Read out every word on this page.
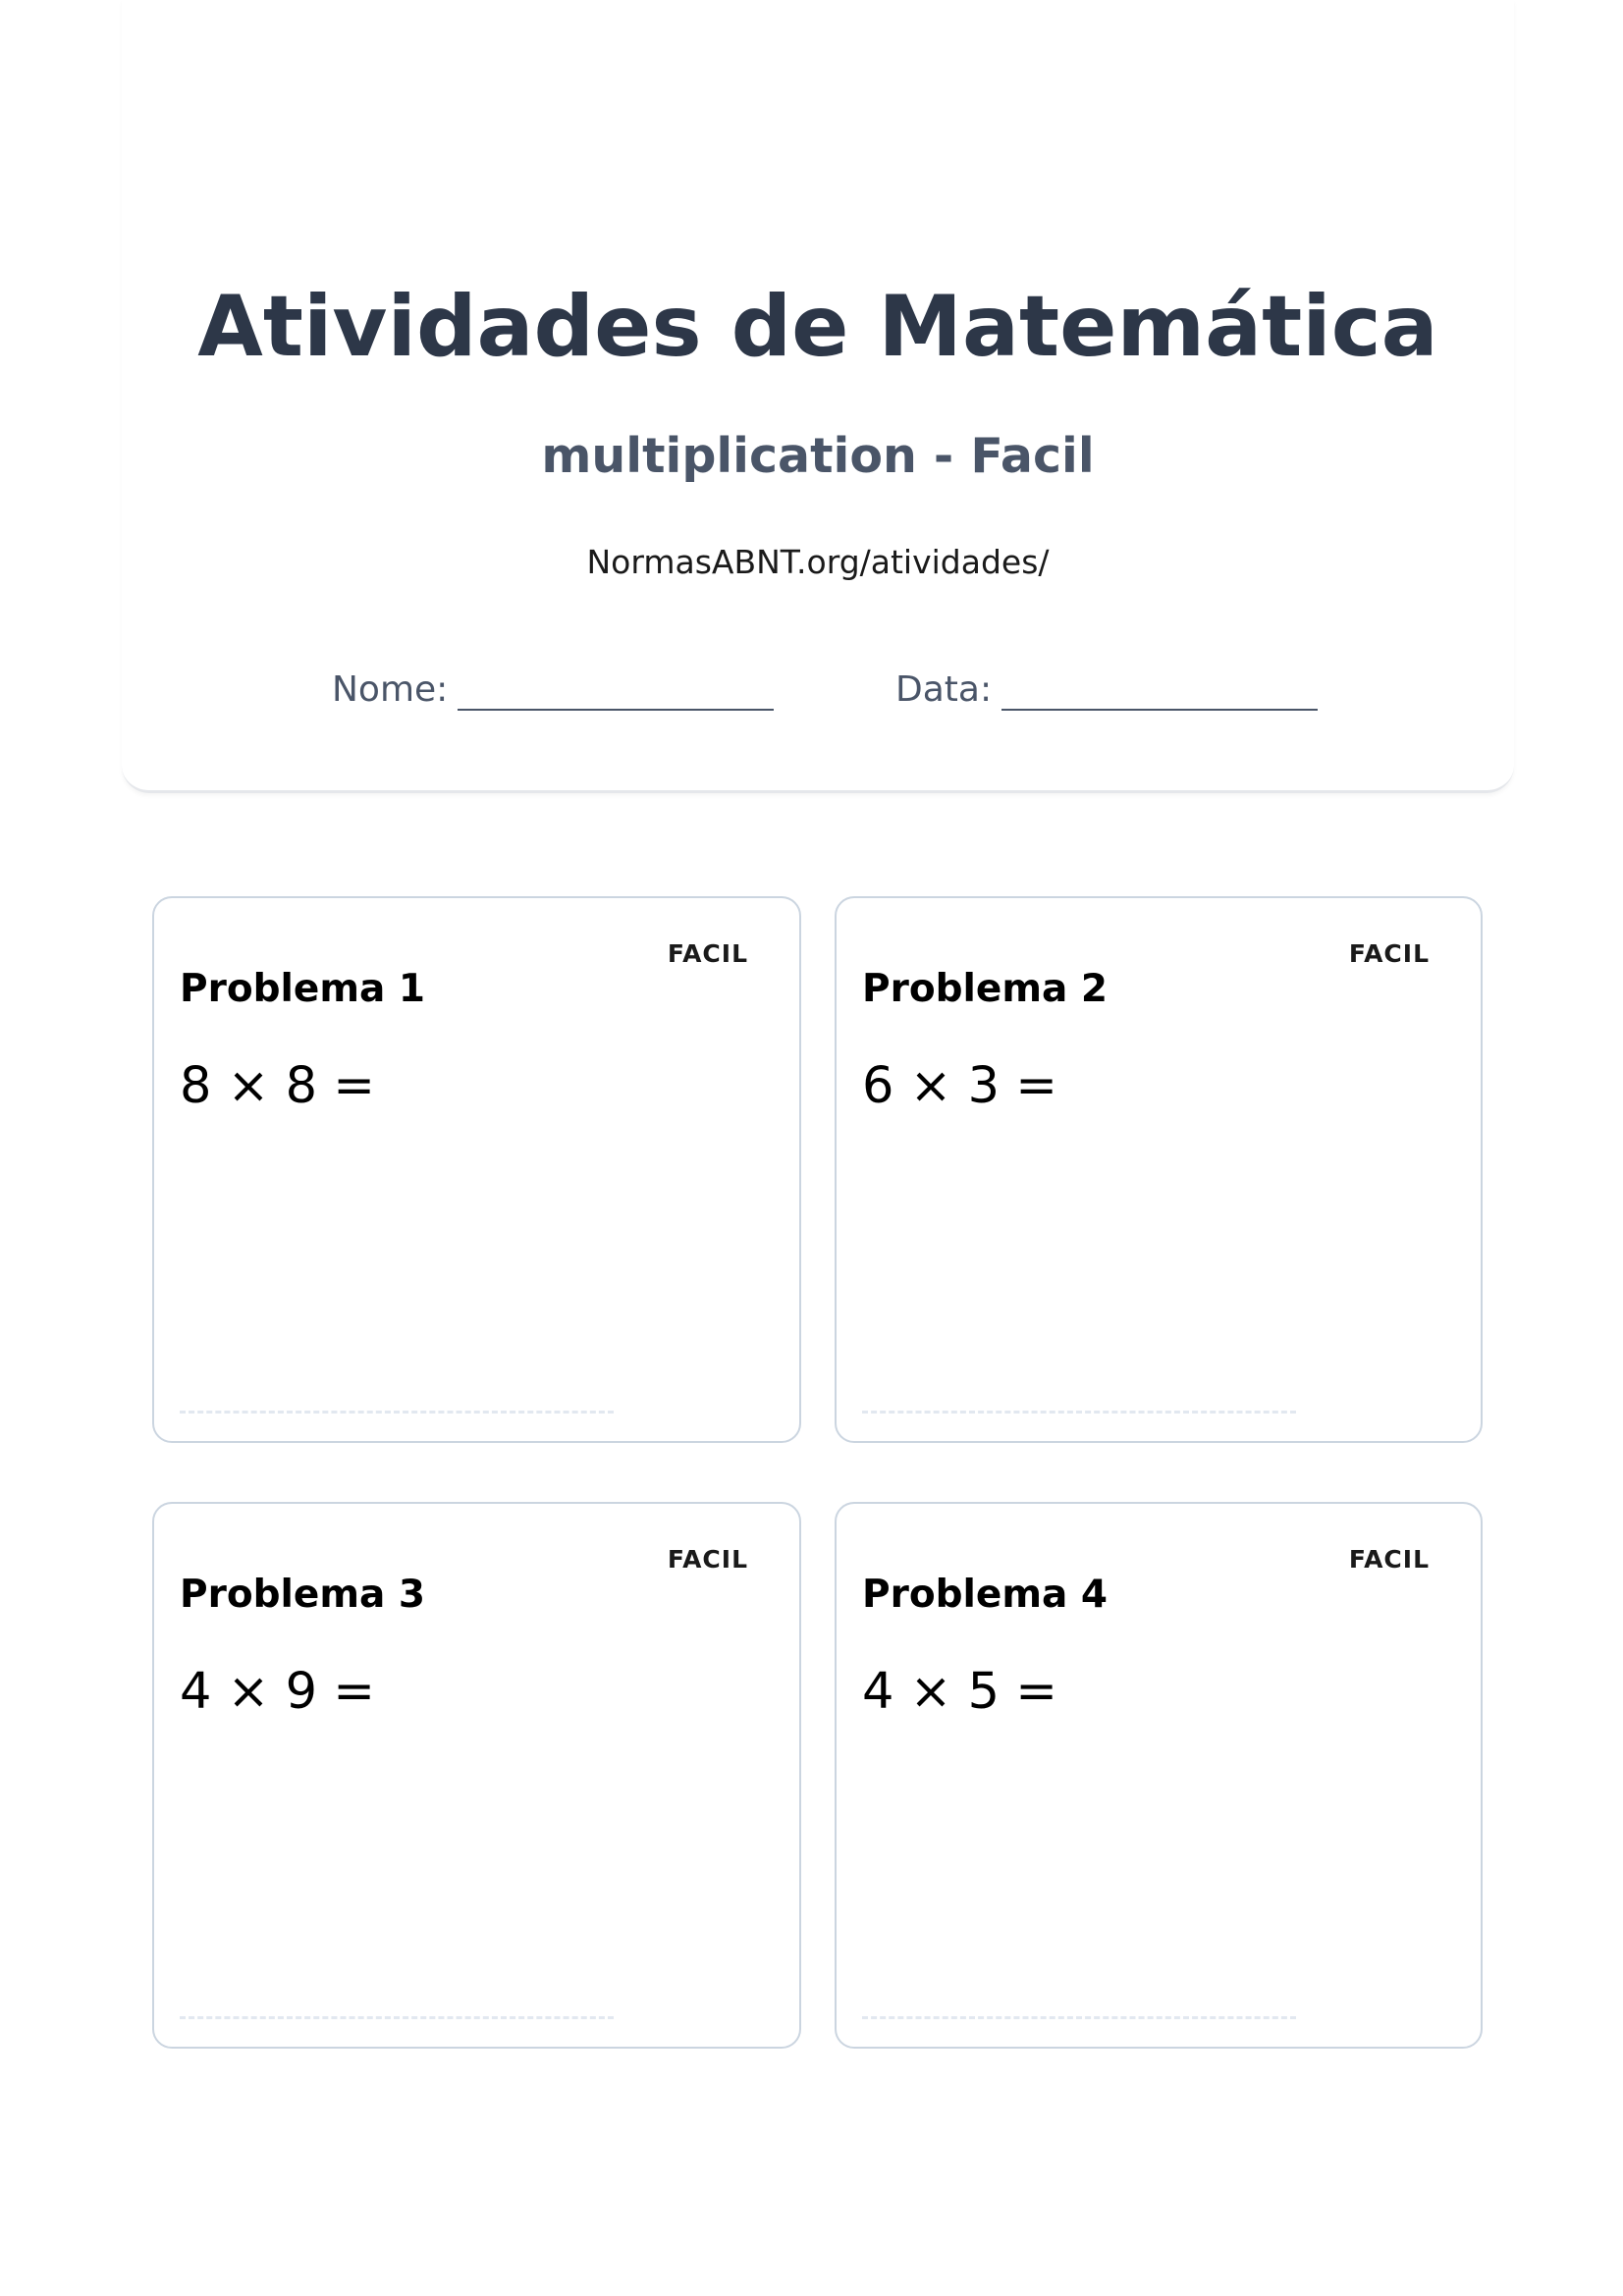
Atividades de Matemática
multiplication - Facil
NormasABNT.org/atividades/
Nome:	Data:
FACIL
Problema 1
8 × 8 =
FACIL
Problema 2
6 × 3 =
FACIL
Problema 3
4 × 9 =
FACIL
Problema 4
4 × 5 =
